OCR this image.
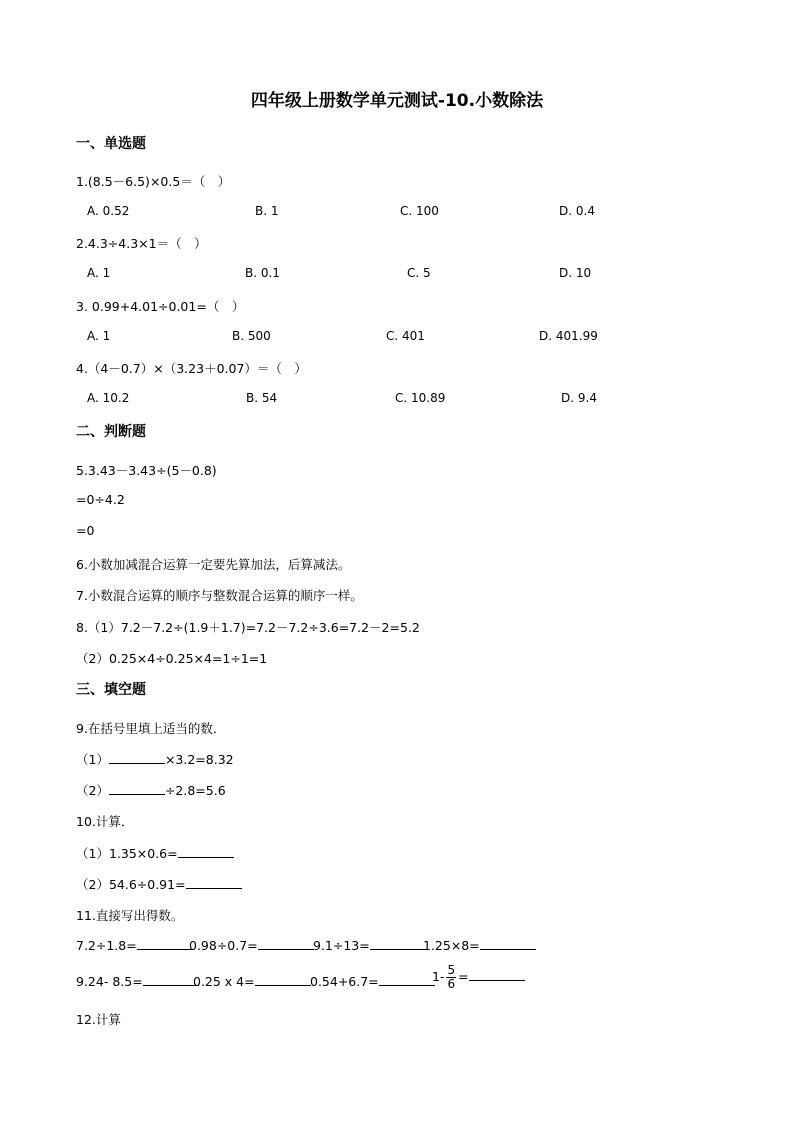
四年级上册数学单元测试-10.小数除法
一、单选题
1.(8.5－6.5)×0.5＝（　）
A. 0.52	B. 1	C. 100	D. 0.4
2.4.3÷4.3×1＝（　）
A. 1	B. 0.1	C. 5	D. 10
3. 0.99+4.01÷0.01=（　）
A. 1	B. 500	C. 401	D. 401.99
4.（4－0.7）×（3.23＋0.07）＝（　）
A. 10.2	B. 54	C. 10.89	D. 9.4
二、判断题
5.3.43－3.43÷(5－0.8)
=0÷4.2
=0
6.小数加减混合运算一定要先算加法，后算减法。
7.小数混合运算的顺序与整数混合运算的顺序一样。
8.（1）7.2－7.2÷(1.9＋1.7)=7.2－7.2÷3.6=7.2－2=5.2
（2）0.25×4÷0.25×4=1÷1=1
三、填空题
9.在括号里填上适当的数．
（1）	×3.2=8.32
（2）	÷2.8=5.6
10.计算．
（1）1.35×0.6=
（2）54.6÷0.91=
11.直接写出得数。
7.2÷1.8=	0.98÷0.7=	9.1÷13=	1.25×8=
9.24- 8.5=	0.25 x 4=	0.54+6.7=	$1- \frac{5}{6}$ =
12.计算
